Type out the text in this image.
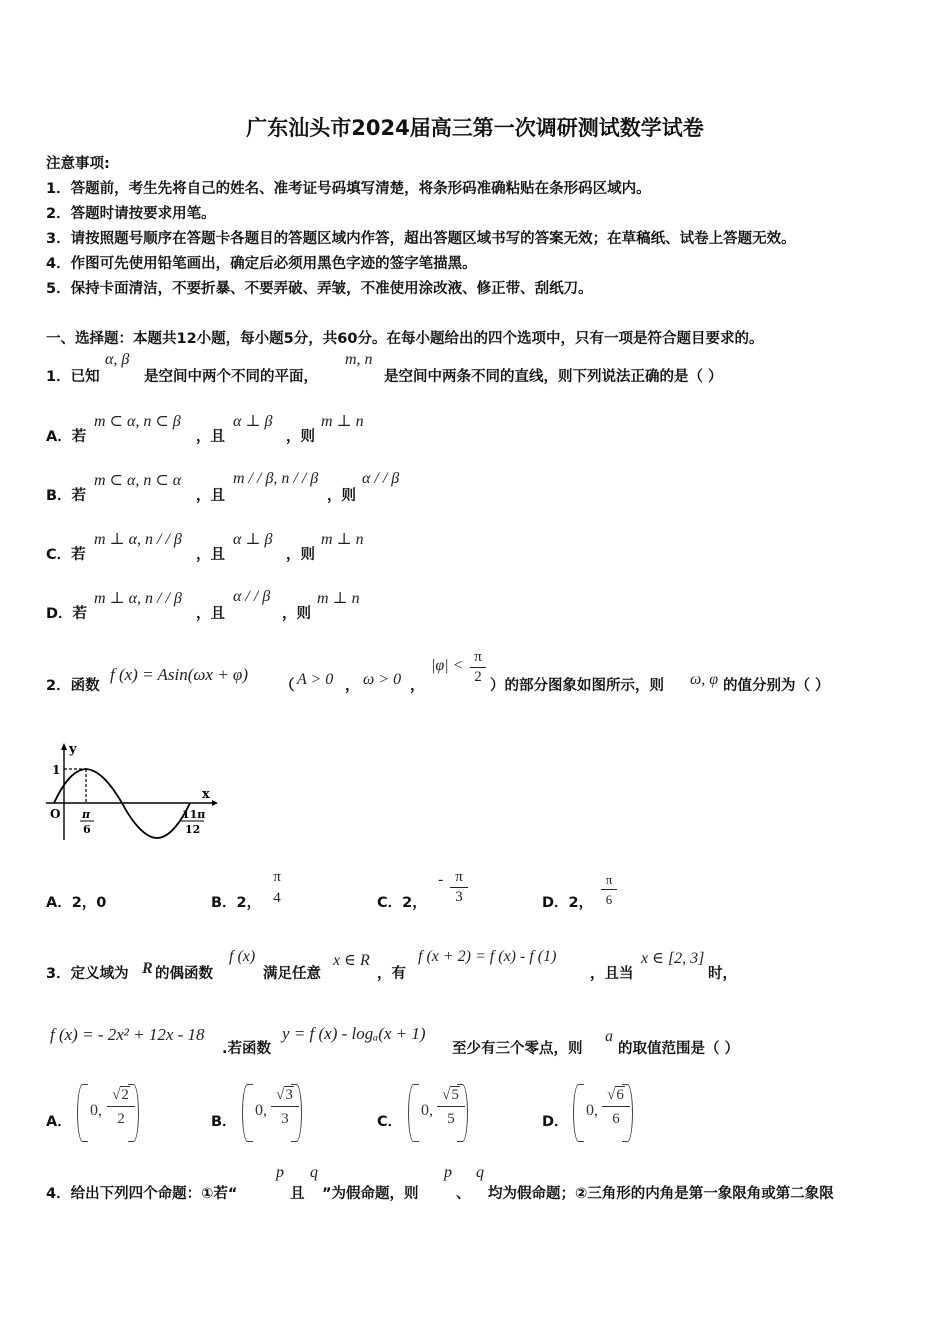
广东汕头市2024届高三第一次调研测试数学试卷
注意事项:
1．答题前，考生先将自己的姓名、准考证号码填写清楚，将条形码准确粘贴在条形码区域内。
2．答题时请按要求用笔。
3．请按照题号顺序在答题卡各题目的答题区域内作答，超出答题区域书写的答案无效；在草稿纸、试卷上答题无效。
4．作图可先使用铅笔画出，确定后必须用黑色字迹的签字笔描黑。
5．保持卡面清洁，不要折暴、不要弄破、弄皱，不准使用涂改液、修正带、刮纸刀。
一、选择题：本题共12小题，每小题5分，共60分。在每小题给出的四个选项中，只有一项是符合题目要求的。
1．已知
α, β
是空间中两个不同的平面，
m, n
是空间中两条不同的直线，则下列说法正确的是（ ）
A．若
m ⊂ α, n ⊂ β
，且
α ⊥ β
，则
m ⊥ n
B．若
m ⊂ α, n ⊂ α
，且
m / / β, n / / β
，则
α / / β
C．若
m ⊥ α, n / / β
，且
α ⊥ β
，则
m ⊥ n
D．若
m ⊥ α, n / / β
，且
α / / β
，则
m ⊥ n
2．函数
f (x) = Asin(ωx + φ)
（ A > 0 ， ω > 0 ，
|φ| < π
2
）的部分图象如图所示，则 ω, φ 的值分别为（ ）
y
x
O
1
π
6
11π
12
A．2，0	B．2，
π
4	C．2，
- π
3	D．2，
π
6
3．定义域为 R 的偶函数
f (x)
满足任意
x ∈ R
，有
f (x + 2) = f (x) - f (1)
，且当
x ∈ [2, 3]
时，
f (x) = - 2x² + 12x - 18
.若函数
y = f (x) - logₐ(x + 1)
至少有三个零点，则
a
的取值范围是（ ）
A．
0,
√2
2	B．
0,
√3
3	C．
0,
√5
5	D．
0,
√6
6
4．给出下列四个命题：①若“
p
且
q
”为假命题，则
p
、
q
均为假命题；②三角形的内角是第一象限角或第二象限
